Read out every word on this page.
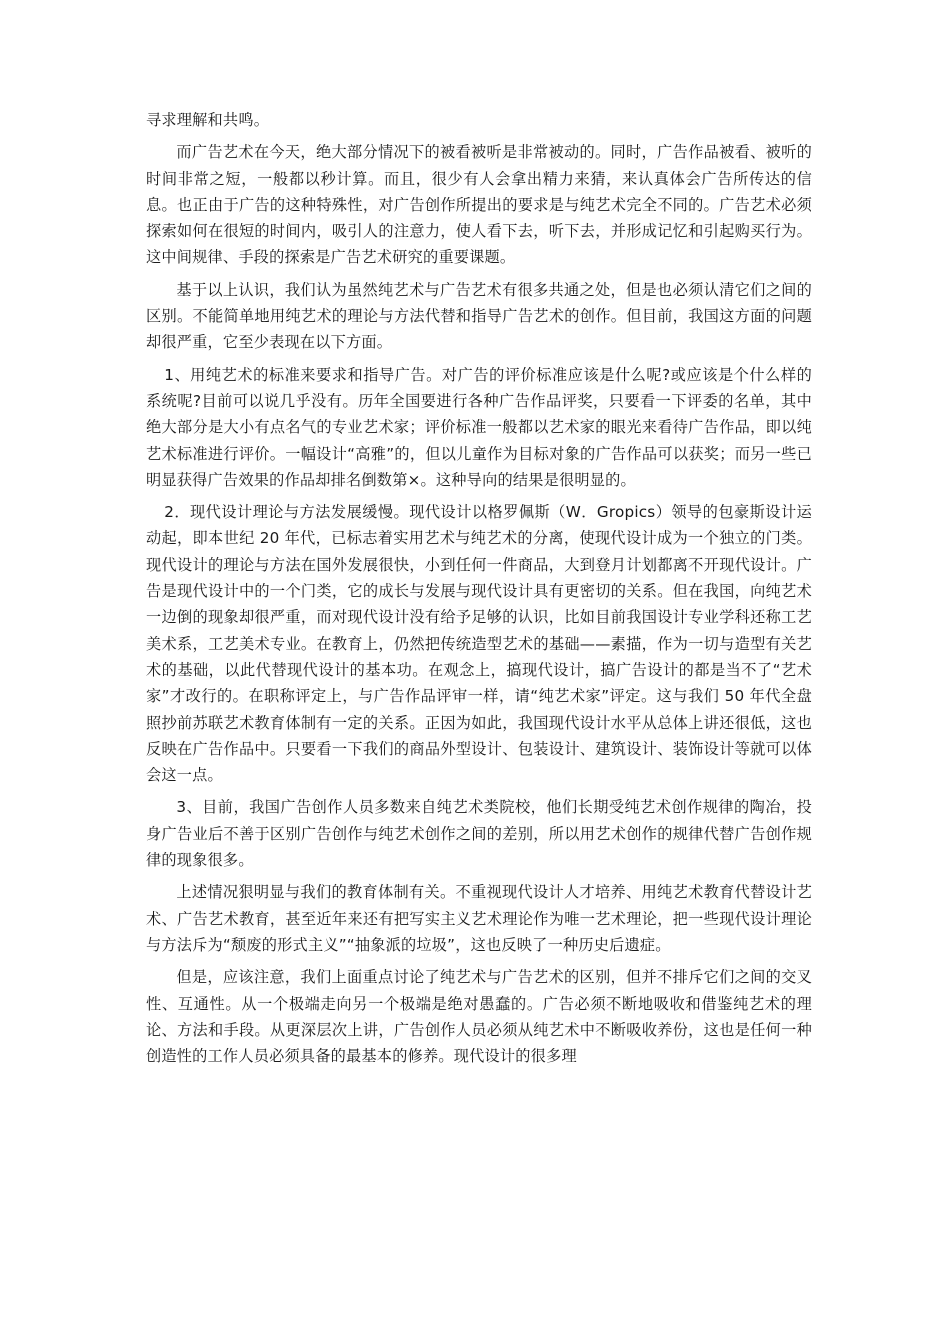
寻求理解和共鸣。

而广告艺术在今天，绝大部分情况下的被看被听是非常被动的。同时，广告作品被看、被听的时间非常之短，一般都以秒计算。而且，很少有人会拿出精力来猜，来认真体会广告所传达的信息。也正由于广告的这种特殊性，对广告创作所提出的要求是与纯艺术完全不同的。广告艺术必须探索如何在很短的时间内，吸引人的注意力，使人看下去，听下去，并形成记忆和引起购买行为。这中间规律、手段的探索是广告艺术研究的重要课题。

基于以上认识，我们认为虽然纯艺术与广告艺术有很多共通之处，但是也必须认清它们之间的区别。不能简单地用纯艺术的理论与方法代替和指导广告艺术的创作。但目前，我国这方面的问题却很严重，它至少表现在以下方面。

1、用纯艺术的标准来要求和指导广告。对广告的评价标准应该是什么呢?或应该是个什么样的系统呢?目前可以说几乎没有。历年全国要进行各种广告作品评奖，只要看一下评委的名单，其中绝大部分是大小有点名气的专业艺术家；评价标准一般都以艺术家的眼光来看待广告作品，即以纯艺术标准进行评价。一幅设计“高雅”的，但以儿童作为目标对象的广告作品可以获奖；而另一些已明显获得广告效果的作品却排名倒数第×。这种导向的结果是很明显的。

2．现代设计理论与方法发展缓慢。现代设计以格罗佩斯（W．Gropics）领导的包豪斯设计运动起，即本世纪 20 年代，已标志着实用艺术与纯艺术的分离，使现代设计成为一个独立的门类。现代设计的理论与方法在国外发展很快，小到任何一件商品，大到登月计划都离不开现代设计。广告是现代设计中的一个门类，它的成长与发展与现代设计具有更密切的关系。但在我国，向纯艺术一边倒的现象却很严重，而对现代设计没有给予足够的认识，比如目前我国设计专业学科还称工艺美术系，工艺美术专业。在教育上，仍然把传统造型艺术的基础——素描，作为一切与造型有关艺术的基础，以此代替现代设计的基本功。在观念上，搞现代设计，搞广告设计的都是当不了“艺术家”才改行的。在职称评定上，与广告作品评审一样，请“纯艺术家”评定。这与我们 50 年代全盘照抄前苏联艺术教育体制有一定的关系。正因为如此，我国现代设计水平从总体上讲还很低，这也反映在广告作品中。只要看一下我们的商品外型设计、包装设计、建筑设计、装饰设计等就可以体会这一点。

3、目前，我国广告创作人员多数来自纯艺术类院校，他们长期受纯艺术创作规律的陶冶，投身广告业后不善于区别广告创作与纯艺术创作之间的差别，所以用艺术创作的规律代替广告创作规律的现象很多。

上述情况狠明显与我们的教育体制有关。不重视现代设计人才培养、用纯艺术教育代替设计艺术、广告艺术教育，甚至近年来还有把写实主义艺术理论作为唯一艺术理论，把一些现代设计理论与方法斥为“颓废的形式主义”“抽象派的垃圾”，这也反映了一种历史后遗症。

但是，应该注意，我们上面重点讨论了纯艺术与广告艺术的区别，但并不排斥它们之间的交叉性、互通性。从一个极端走向另一个极端是绝对愚蠢的。广告必须不断地吸收和借鉴纯艺术的理论、方法和手段。从更深层次上讲，广告创作人员必须从纯艺术中不断吸收养份，这也是任何一种创造性的工作人员必须具备的最基本的修养。现代设计的很多理
